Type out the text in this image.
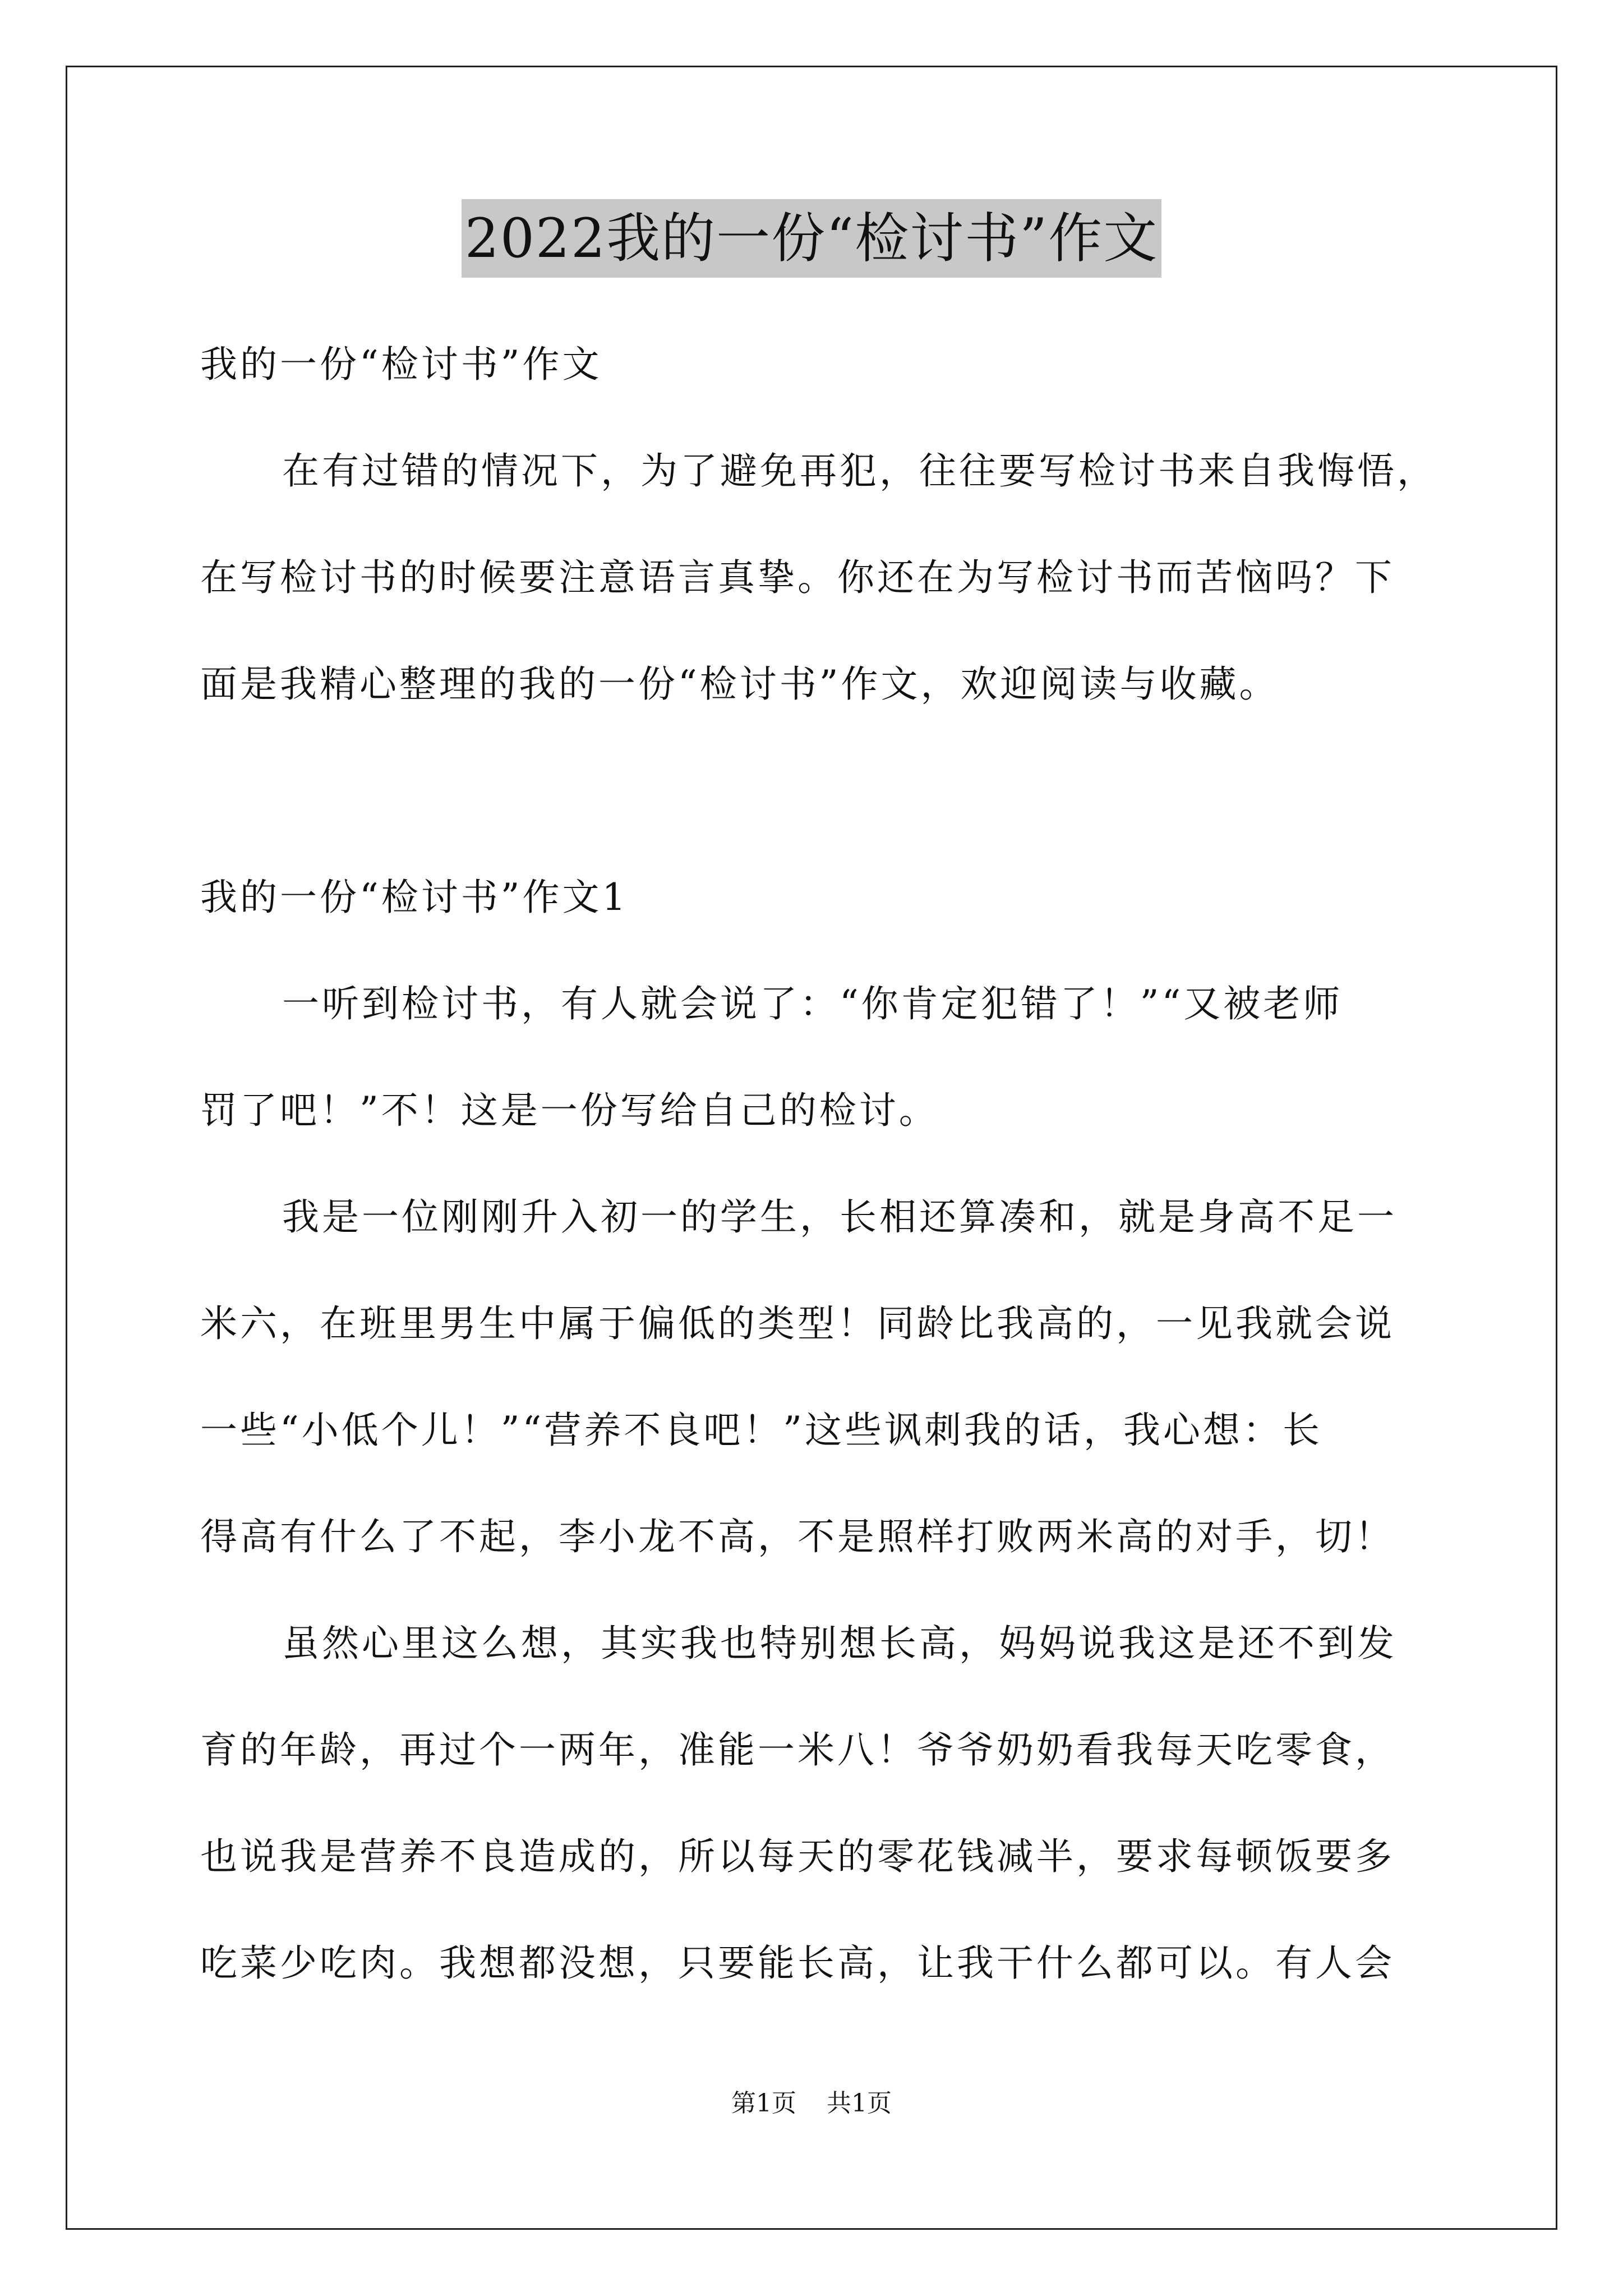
2022我的一份“检讨书”作文
我的一份“检讨书”作文
在有过错的情况下，为了避免再犯，往往要写检讨书来自我悔悟，
在写检讨书的时候要注意语言真挚。你还在为写检讨书而苦恼吗？下
面是我精心整理的我的一份“检讨书”作文，欢迎阅读与收藏。
我的一份“检讨书”作文1
一听到检讨书，有人就会说了：“你肯定犯错了！”“又被老师
罚了吧！”不！这是一份写给自己的检讨。
我是一位刚刚升入初一的学生，长相还算凑和，就是身高不足一
米六，在班里男生中属于偏低的类型！同龄比我高的，一见我就会说
一些“小低个儿！”“营养不良吧！”这些讽刺我的话，我心想：长
得高有什么了不起，李小龙不高，不是照样打败两米高的对手，切！
虽然心里这么想，其实我也特别想长高，妈妈说我这是还不到发
育的年龄，再过个一两年，准能一米八！爷爷奶奶看我每天吃零食，
也说我是营养不良造成的，所以每天的零花钱减半，要求每顿饭要多
吃菜少吃肉。我想都没想，只要能长高，让我干什么都可以。有人会
第1页 共1页
